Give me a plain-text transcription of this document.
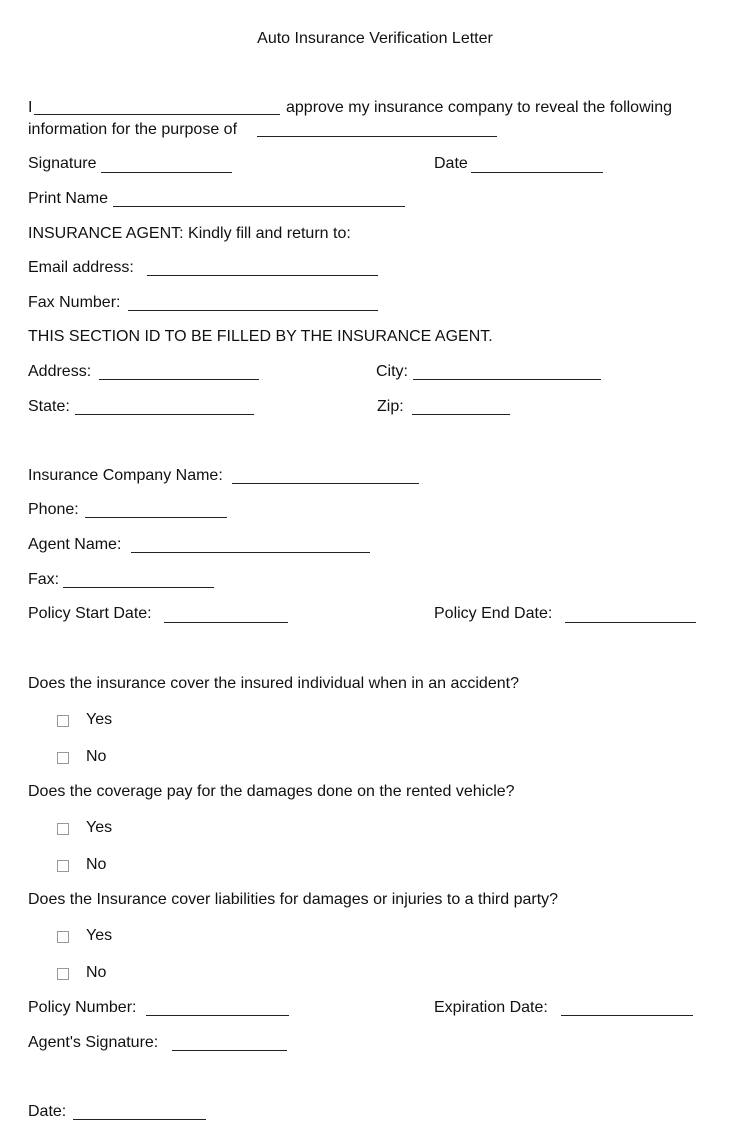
Auto Insurance Verification Letter
I	approve my insurance company to reveal the following
information for the purpose of
Signature	Date
Print Name
INSURANCE AGENT: Kindly fill and return to:
Email address:
Fax Number:
THIS SECTION ID TO BE FILLED BY THE INSURANCE AGENT.
Address:	City:
State:	Zip:
Insurance Company Name:
Phone:
Agent Name:
Fax:
Policy Start Date:	Policy End Date:
Does the insurance cover the insured individual when in an accident?
Yes
No
Does the coverage pay for the damages done on the rented vehicle?
Yes
No
Does the Insurance cover liabilities for damages or injuries to a third party?
Yes
No
Policy Number:	Expiration Date:
Agent's Signature:
Date:
